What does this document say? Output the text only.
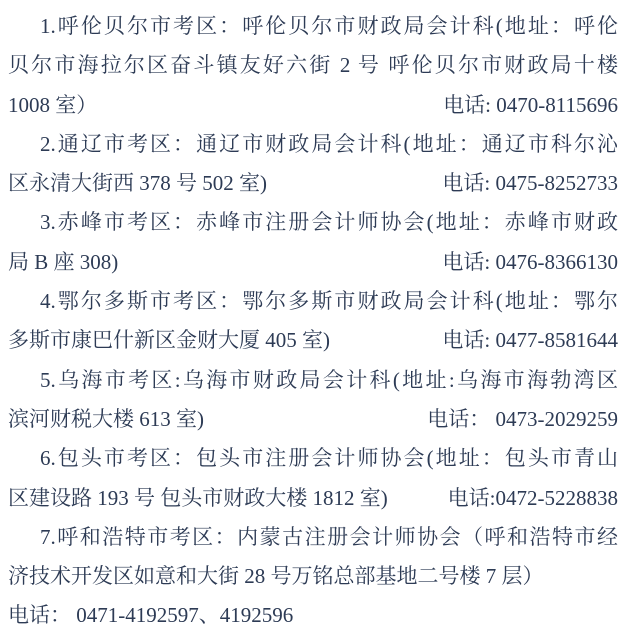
1.呼伦贝尔市考区：呼伦贝尔市财政局会计科(地址：呼伦

贝尔市海拉尔区奋斗镇友好六街 2 号 呼伦贝尔市财政局十楼

1008 室）	电话: 0470-8115696

2.通辽市考区：通辽市财政局会计科(地址：通辽市科尔沁

区永清大街西 378 号 502 室)	电话: 0475-8252733

3.赤峰市考区：赤峰市注册会计师协会(地址：赤峰市财政

局 B 座 308)	电话: 0476-8366130

4.鄂尔多斯市考区：鄂尔多斯市财政局会计科(地址：鄂尔

多斯市康巴什新区金财大厦 405 室)	电话: 0477-8581644

5.乌海市考区:乌海市财政局会计科(地址:乌海市海勃湾区

滨河财税大楼 613 室)	电话： 0473-2029259

6.包头市考区：包头市注册会计师协会(地址：包头市青山

区建设路 193 号 包头市财政大楼 1812 室)	电话:0472-5228838

7.呼和浩特市考区：内蒙古注册会计师协会（呼和浩特市经

济技术开发区如意和大街 28 号万铭总部基地二号楼 7 层）

电话： 0471-4192597、4192596
